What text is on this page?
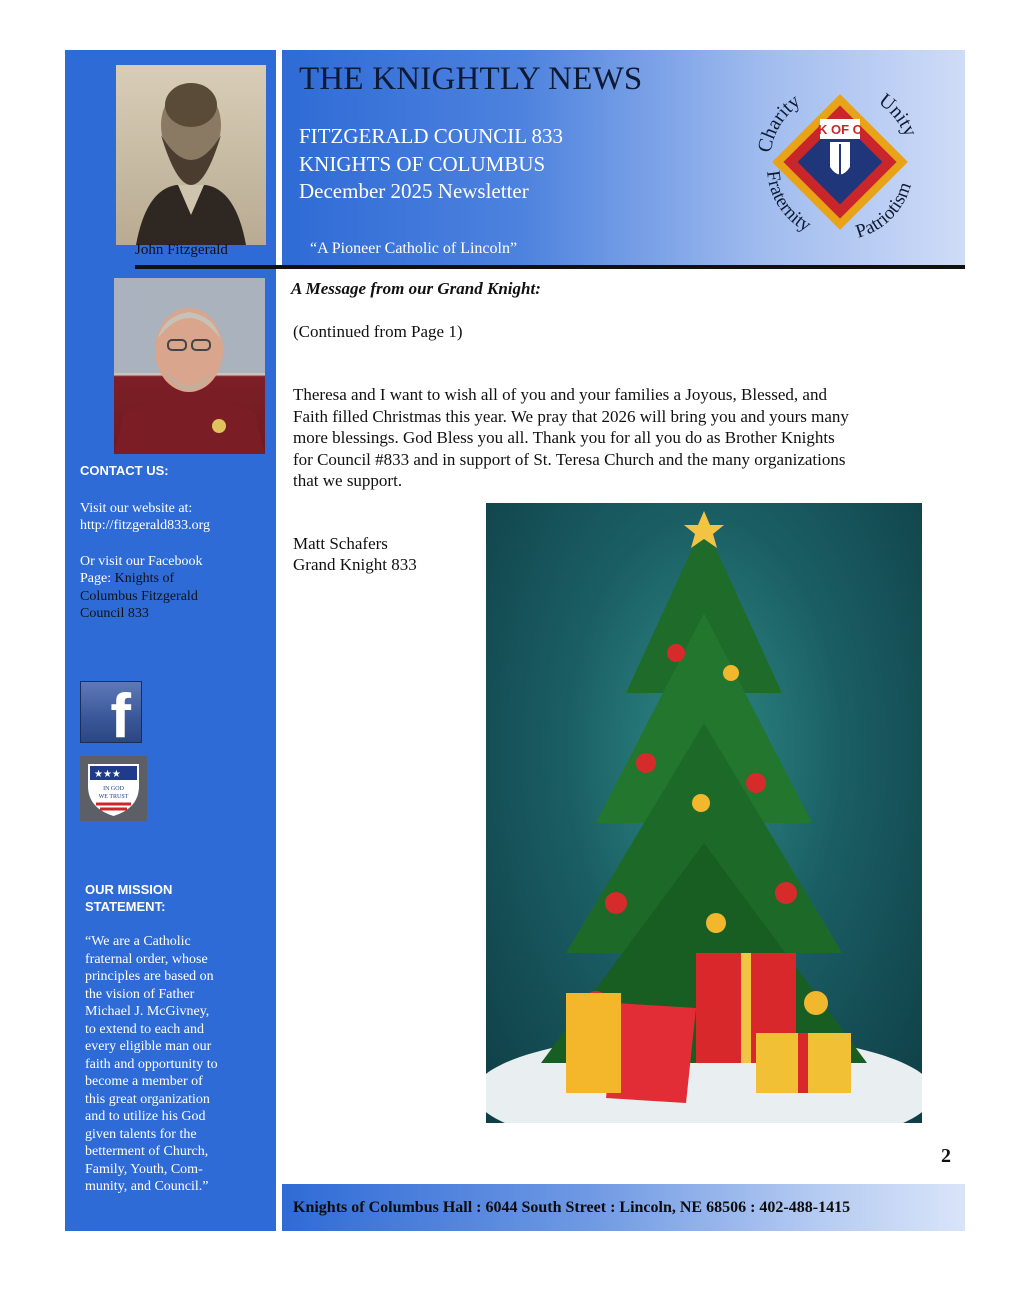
John Fitzgerald
CONTACT US:
Visit our website at:
http://fitzgerald833.org
Or visit our Facebook
Page: Knights of
Columbus Fitzgerald
Council 833
f
★★★
IN GOD
WE TRUST
OUR MISSION
STATEMENT:
“We are a Catholic
fraternal order, whose
principles are based on
the vision of Father
Michael J. McGivney,
to extend to each and
every eligible man our
faith and opportunity to
become a member of
this great organization
and to utilize his God
given talents for the
betterment of Church,
Family, Youth, Com-
munity, and Council.”
THE KNIGHTLY NEWS
FITZGERALD COUNCIL 833
KNIGHTS OF COLUMBUS
December 2025 Newsletter
“A Pioneer Catholic of Lincoln”
K OF C
Charity	Unity
Fraternity Patriotism
A Message from our Grand Knight:
(Continued from Page 1)
Theresa and I want to wish all of you and your families a Joyous, Blessed, and
Faith filled Christmas this year. We pray that 2026 will bring you and yours many
more blessings. God Bless you all. Thank you for all you do as Brother Knights
for Council #833 and in support of St. Teresa Church and the many organizations
that we support.
Matt Schafers
Grand Knight 833
2
Knights of Columbus Hall : 6044 South Street : Lincoln, NE 68506 : 402-488-1415
